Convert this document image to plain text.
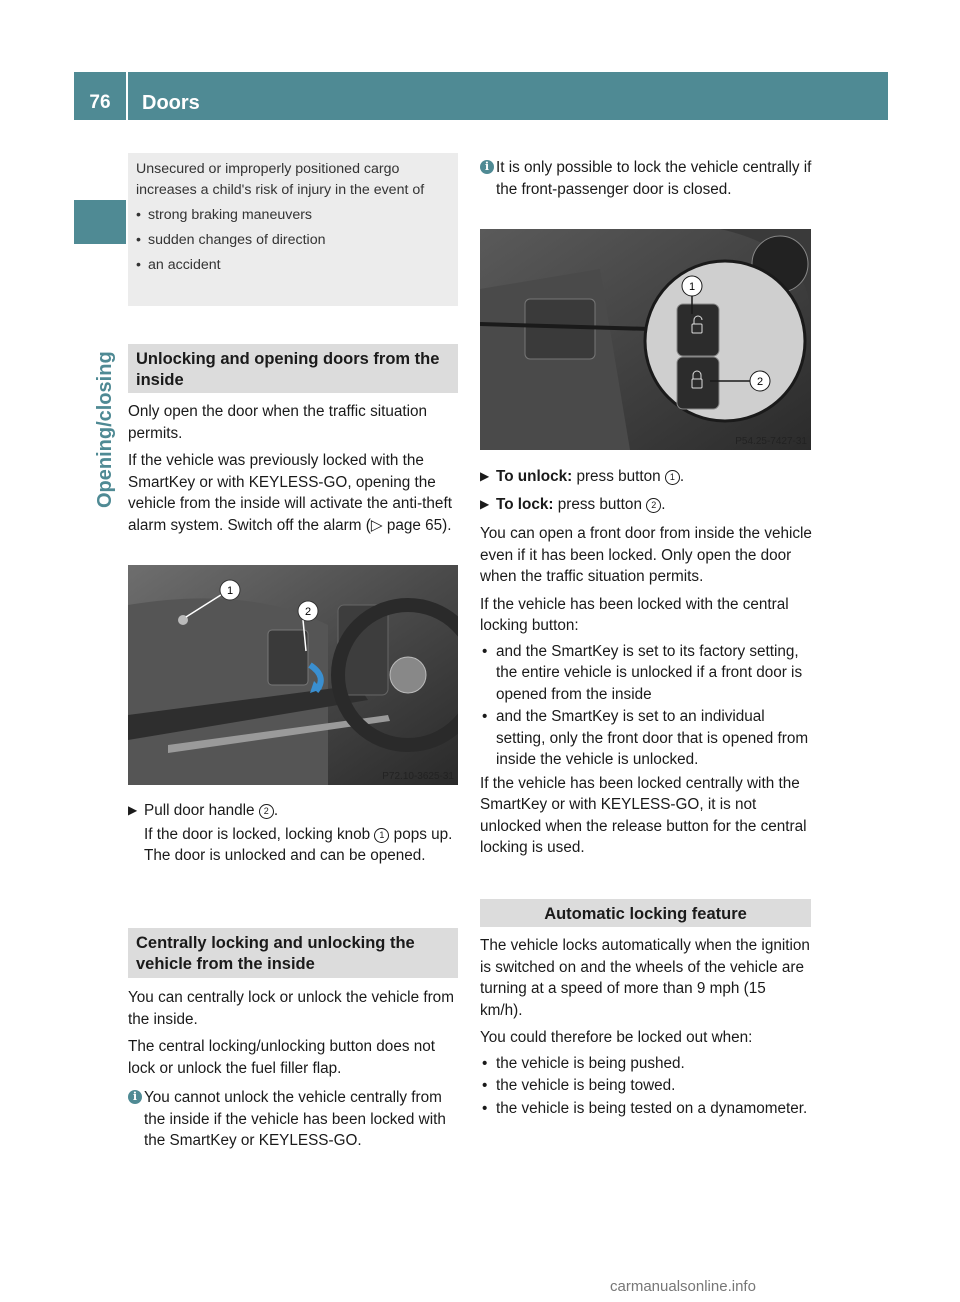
76	Doors
Opening/closing

Unsecured or improperly positioned cargo increases a child's risk of injury in the event of

• strong braking maneuvers
• sudden changes of direction
• an accident
Unlocking and opening doors from the inside

Only open the door when the traffic situation permits.

If the vehicle was previously locked with the SmartKey or with KEYLESS-GO, opening the vehicle from the inside will activate the anti-theft alarm system. Switch off the alarm (▷ page 65).

1
2
P72.10-3625-31

▶ Pull door handle 2 .

If the door is locked, locking knob 1 pops up. The door is unlocked and can be opened.

Centrally locking and unlocking the vehicle from the inside

You can centrally lock or unlock the vehicle from the inside.

The central locking/unlocking button does not lock or unlock the fuel filler flap.

i You cannot unlock the vehicle centrally from the inside if the vehicle has been locked with the SmartKey or KEYLESS-GO.

i It is only possible to lock the vehicle centrally if the front-passenger door is closed.

1
2
P54.25-7427-31

▶ To unlock: press button 1 .

▶ To lock: press button 2 .

You can open a front door from inside the vehicle even if it has been locked. Only open the door when the traffic situation permits.

If the vehicle has been locked with the central locking button:

• and the SmartKey is set to its factory setting, the entire vehicle is unlocked if a front door is opened from the inside
• and the SmartKey is set to an individual setting, only the front door that is opened from inside the vehicle is unlocked.

If the vehicle has been locked centrally with the SmartKey or with KEYLESS-GO, it is not unlocked when the release button for the central locking is used.

Automatic locking feature

The vehicle locks automatically when the ignition is switched on and the wheels of the vehicle are turning at a speed of more than 9 mph (15 km/h).

You could therefore be locked out when:

• the vehicle is being pushed.
• the vehicle is being towed.
• the vehicle is being tested on a dynamometer.
carmanualsonline.info
